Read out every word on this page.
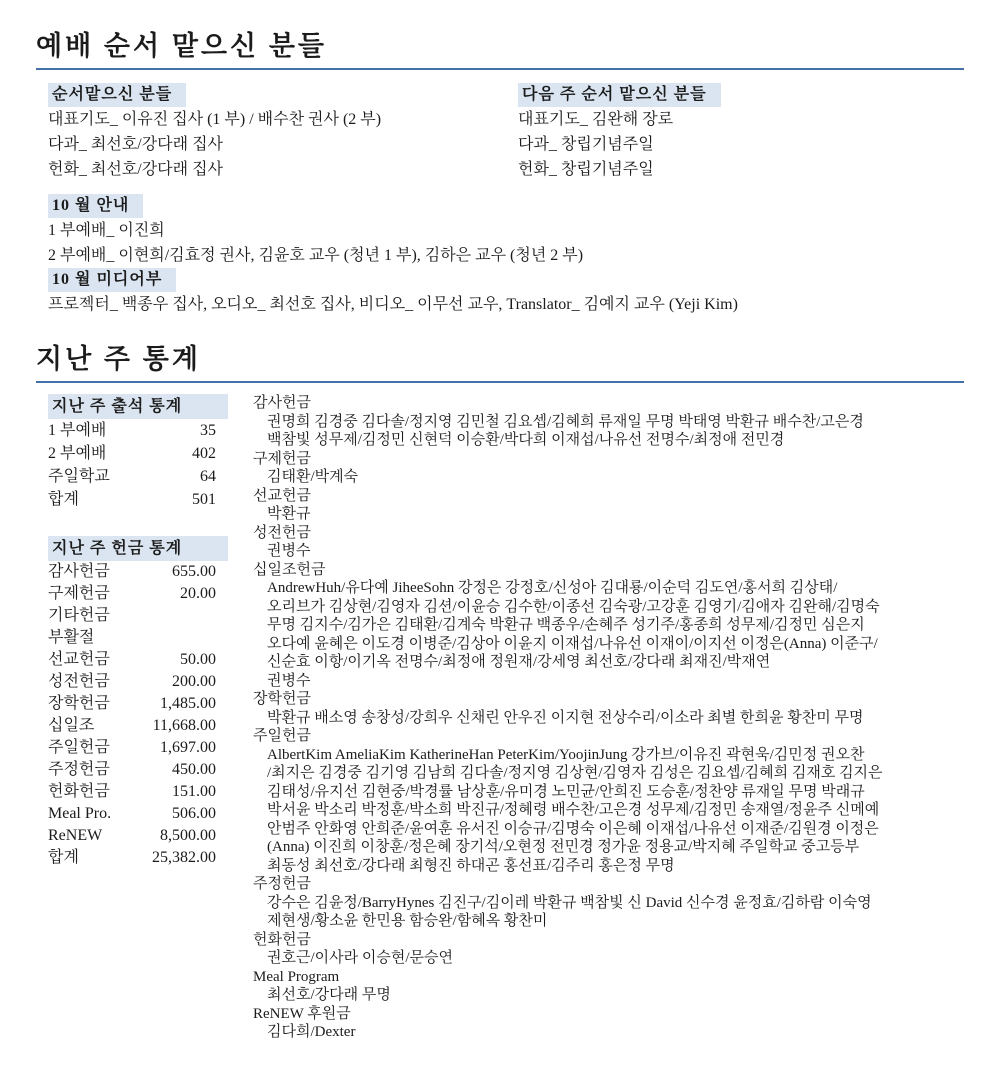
예배 순서 맡으신 분들
순서맡으신 분들
대표기도_ 이유진 집사 (1 부) / 배수찬 권사 (2 부)
다과_ 최선호/강다래 집사
헌화_ 최선호/강다래 집사
다음 주 순서 맡으신 분들
대표기도_ 김완해 장로
다과_ 창립기념주일
헌화_ 창립기념주일
10 월 안내
1 부예배_ 이진희
2 부예배_ 이현희/김효정 권사, 김윤호 교우 (청년 1 부), 김하은 교우 (청년 2 부)
10 월 미디어부
프로젝터_ 백종우 집사, 오디오_ 최선호 집사, 비디오_ 이무선 교우, Translator_ 김예지 교우 (Yeji Kim)
지난 주 통계
지난 주 출석 통계
1 부예배	35
2 부예배	402
주일학교	64
합계	501
지난 주 헌금 통계
감사헌금	655.00
구제헌금	20.00
기타헌금
부활절
선교헌금	50.00
성전헌금	200.00
장학헌금	1,485.00
십일조	11,668.00
주일헌금	1,697.00
주정헌금	450.00
헌화헌금	151.00
Meal Pro.	506.00
ReNEW	8,500.00
합계	25,382.00
감사헌금
권명희 김경중 김다솔/정지영 김민철 김요셉/김혜희 류재일 무명 박태영 박환규 배수찬/고은경
백참빛 성무제/김정민 신현덕 이승환/박다희 이재섭/나유선 전명수/최정애 전민경
구제헌금
김태환/박계숙
선교헌금
박환규
성전헌금
권병수
십일조헌금
AndrewHuh/유다예 JiheeSohn 강정은 강정호/신성아 김대룡/이순덕 김도연/홍서희 김상태/
오리브가 김상현/김영자 김션/이윤승 김수한/이종선 김숙광/고강훈 김영기/김애자 김완해/김명숙
무명 김지수/김가은 김태환/김계숙 박환규 백종우/손혜주 성기주/홍종희 성무제/김정민 심은지
오다예 윤혜은 이도경 이병준/김상아 이윤지 이재섭/나유선 이재이/이지선 이정은(Anna) 이준구/
신순효 이항/이기옥 전명수/최정애 정원재/강세영 최선호/강다래 최재진/박재연
권병수
장학헌금
박환규 배소영 송창성/강희우 신채린 안우진 이지현 전상수리/이소라 최별 한희윤 황찬미 무명
주일헌금
AlbertKim AmeliaKim KatherineHan PeterKim/YoojinJung 강가브/이유진 곽현욱/김민정 권오찬
/최지은 김경중 김기영 김남희 김다솔/정지영 김상현/김영자 김성은 김요셉/김혜희 김재호 김지은
김태성/유지선 김현중/박경률 남상훈/유미경 노민균/안희진 도승훈/정찬양 류재일 무명 박래규
박서윤 박소리 박정훈/박소희 박진규/정혜령 배수찬/고은경 성무제/김정민 송재열/정윤주 신메예
안범주 안화영 안희준/윤여훈 유서진 이승규/김명숙 이은혜 이재섭/나유선 이재준/김원경 이정은
(Anna) 이진희 이창훈/정은혜 장기석/오현정 전민경 정가윤 정용교/박지혜 주일학교 중고등부
최동성 최선호/강다래 최형진 하대곤 홍선표/김주리 홍은정 무명
주정헌금
강수은 김윤정/BarryHynes 김진구/김이레 박환규 백참빛 신 David 신수경 윤정효/김하람 이숙영
제현생/황소윤 한민용 함승완/함혜옥 황찬미
헌화헌금
권호근/이사라 이승현/문승연
Meal Program
최선호/강다래 무명
ReNEW 후원금
김다희/Dexter
